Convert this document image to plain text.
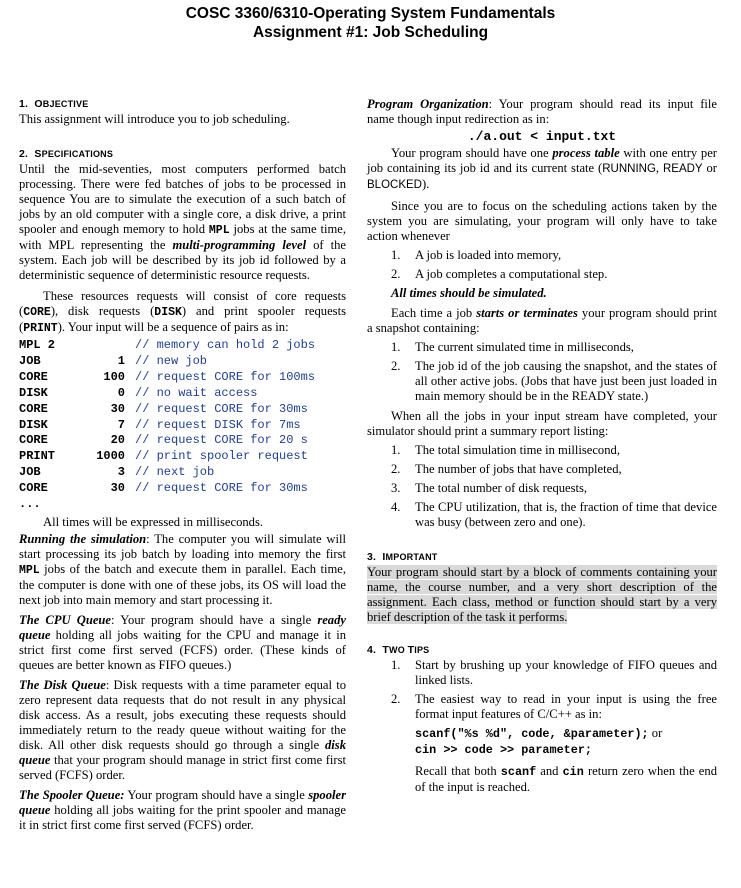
COSC 3360/6310-Operating System Fundamentals
Assignment #1: Job Scheduling
1. OBJECTIVE
This assignment will introduce you to job scheduling.
2. SPECIFICATIONS
Until the mid-seventies, most computers performed batch processing. There were fed batches of jobs to be processed in sequence You are to simulate the execution of a such batch of jobs by an old computer with a single core, a disk drive, a print spooler and enough memory to hold MPL jobs at the same time, with MPL representing the multi-programming level of the system. Each job will be described by its job id followed by a deterministic sequence of deterministic resource requests.
These resources requests will consist of core requests (CORE), disk requests (DISK) and print spooler requests (PRINT). Your input will be a sequence of pairs as in:
MPL 2		// memory can hold 2 jobs
JOB	1	// new job
CORE	100	// request CORE for 100ms
DISK	0	// no wait access
CORE	30	// request CORE for 30ms
DISK	7	// request DISK for 7ms
CORE	20	// request CORE for 20 s
PRINT	1000	// print spooler request
JOB	3	// next job
CORE	30	// request CORE for 30ms
...
All times will be expressed in milliseconds.
Running the simulation: The computer you will simulate will start processing its job batch by loading into memory the first MPL jobs of the batch and execute them in parallel. Each time, the computer is done with one of these jobs, its OS will load the next job into main memory and start processing it.
The CPU Queue: Your program should have a single ready queue holding all jobs waiting for the CPU and manage it in strict first come first served (FCFS) order. (These kinds of queues are better known as FIFO queues.)
The Disk Queue: Disk requests with a time parameter equal to zero represent data requests that do not result in any physical disk access. As a result, jobs executing these requests should immediately return to the ready queue without waiting for the disk. All other disk requests should go through a single disk queue that your program should manage in strict first come first served (FCFS) order.
The Spooler Queue: Your program should have a single spooler queue holding all jobs waiting for the print spooler and manage it in strict first come first served (FCFS) order.
Program Organization: Your program should read its input file name though input redirection as in:
./a.out < input.txt
Your program should have one process table with one entry per job containing its job id and its current state (RUNNING, READY or BLOCKED).
Since you are to focus on the scheduling actions taken by the system you are simulating, your program will only have to take action whenever
1. A job is loaded into memory,
2. A job completes a computational step.
All times should be simulated.
Each time a job starts or terminates your program should print a snapshot containing:
1. The current simulated time in milliseconds,
2. The job id of the job causing the snapshot, and the states of all other active jobs. (Jobs that have just been just loaded in main memory should be in the READY state.)
When all the jobs in your input stream have completed, your simulator should print a summary report listing:
1. The total simulation time in millisecond,
2. The number of jobs that have completed,
3. The total number of disk requests,
4. The CPU utilization, that is, the fraction of time that device was busy (between zero and one).
3. IMPORTANT
Your program should start by a block of comments containing your name, the course number, and a very short description of the assignment. Each class, method or function should start by a very brief description of the task it performs.
4. TWO TIPS
1. Start by brushing up your knowledge of FIFO queues and linked lists.
2. The easiest way to read in your input is using the free format input features of C/C++ as in:
scanf("%s %d", code, &parameter); or
cin >> code >> parameter;
Recall that both scanf and cin return zero when the end of the input is reached.
